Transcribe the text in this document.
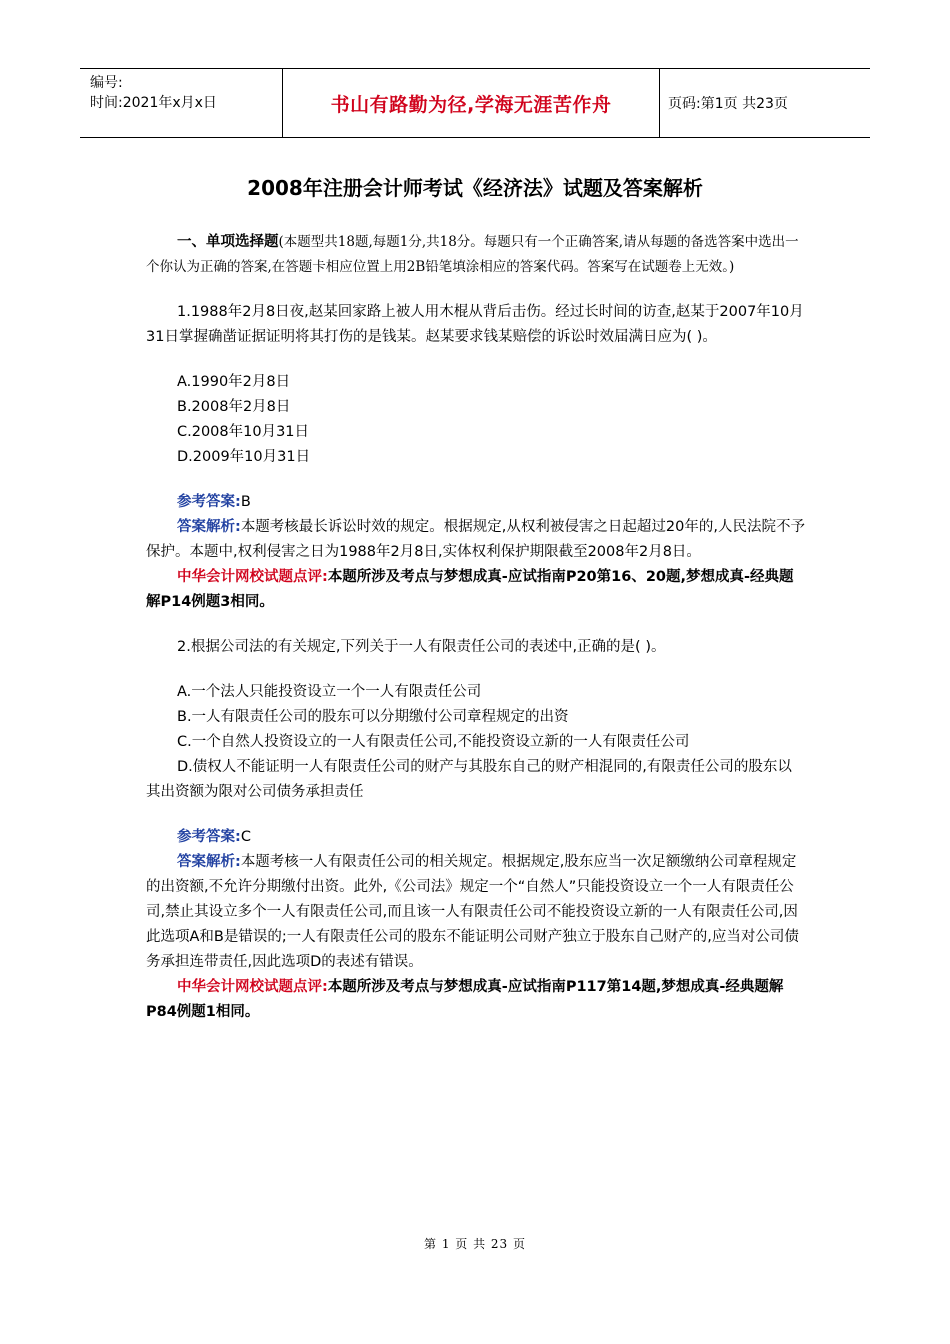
编号:
时间:2021年x月x日	书山有路勤为径,学海无涯苦作舟	页码:第1页 共23页
2008年注册会计师考试《经济法》试题及答案解析

一、单项选择题(本题型共18题,每题1分,共18分。每题只有一个正确答案,请从每题的备选答案中选出一个你认为正确的答案,在答题卡相应位置上用2B铅笔填涂相应的答案代码。答案写在试题卷上无效。)

1.1988年2月8日夜,赵某回家路上被人用木棍从背后击伤。经过长时间的访查,赵某于2007年10月31日掌握确凿证据证明将其打伤的是钱某。赵某要求钱某赔偿的诉讼时效届满日应为( )。

A.1990年2月8日

B.2008年2月8日

C.2008年10月31日

D.2009年10月31日

参考答案:B

答案解析:本题考核最长诉讼时效的规定。根据规定,从权利被侵害之日起超过20年的,人民法院不予保护。本题中,权利侵害之日为1988年2月8日,实体权利保护期限截至2008年2月8日。

中华会计网校试题点评:本题所涉及考点与梦想成真-应试指南P20第16、20题,梦想成真-经典题解P14例题3相同。

2.根据公司法的有关规定,下列关于一人有限责任公司的表述中,正确的是( )。

A.一个法人只能投资设立一个一人有限责任公司

B.一人有限责任公司的股东可以分期缴付公司章程规定的出资

C.一个自然人投资设立的一人有限责任公司,不能投资设立新的一人有限责任公司

D.债权人不能证明一人有限责任公司的财产与其股东自己的财产相混同的,有限责任公司的股东以其出资额为限对公司债务承担责任

参考答案:C

答案解析:本题考核一人有限责任公司的相关规定。根据规定,股东应当一次足额缴纳公司章程规定的出资额,不允许分期缴付出资。此外,《公司法》规定一个“自然人”只能投资设立一个一人有限责任公司,禁止其设立多个一人有限责任公司,而且该一人有限责任公司不能投资设立新的一人有限责任公司,因此选项A和B是错误的;一人有限责任公司的股东不能证明公司财产独立于股东自己财产的,应当对公司债务承担连带责任,因此选项D的表述有错误。

中华会计网校试题点评:本题所涉及考点与梦想成真-应试指南P117第14题,梦想成真-经典题解P84例题1相同。

第 1 页 共 23 页
